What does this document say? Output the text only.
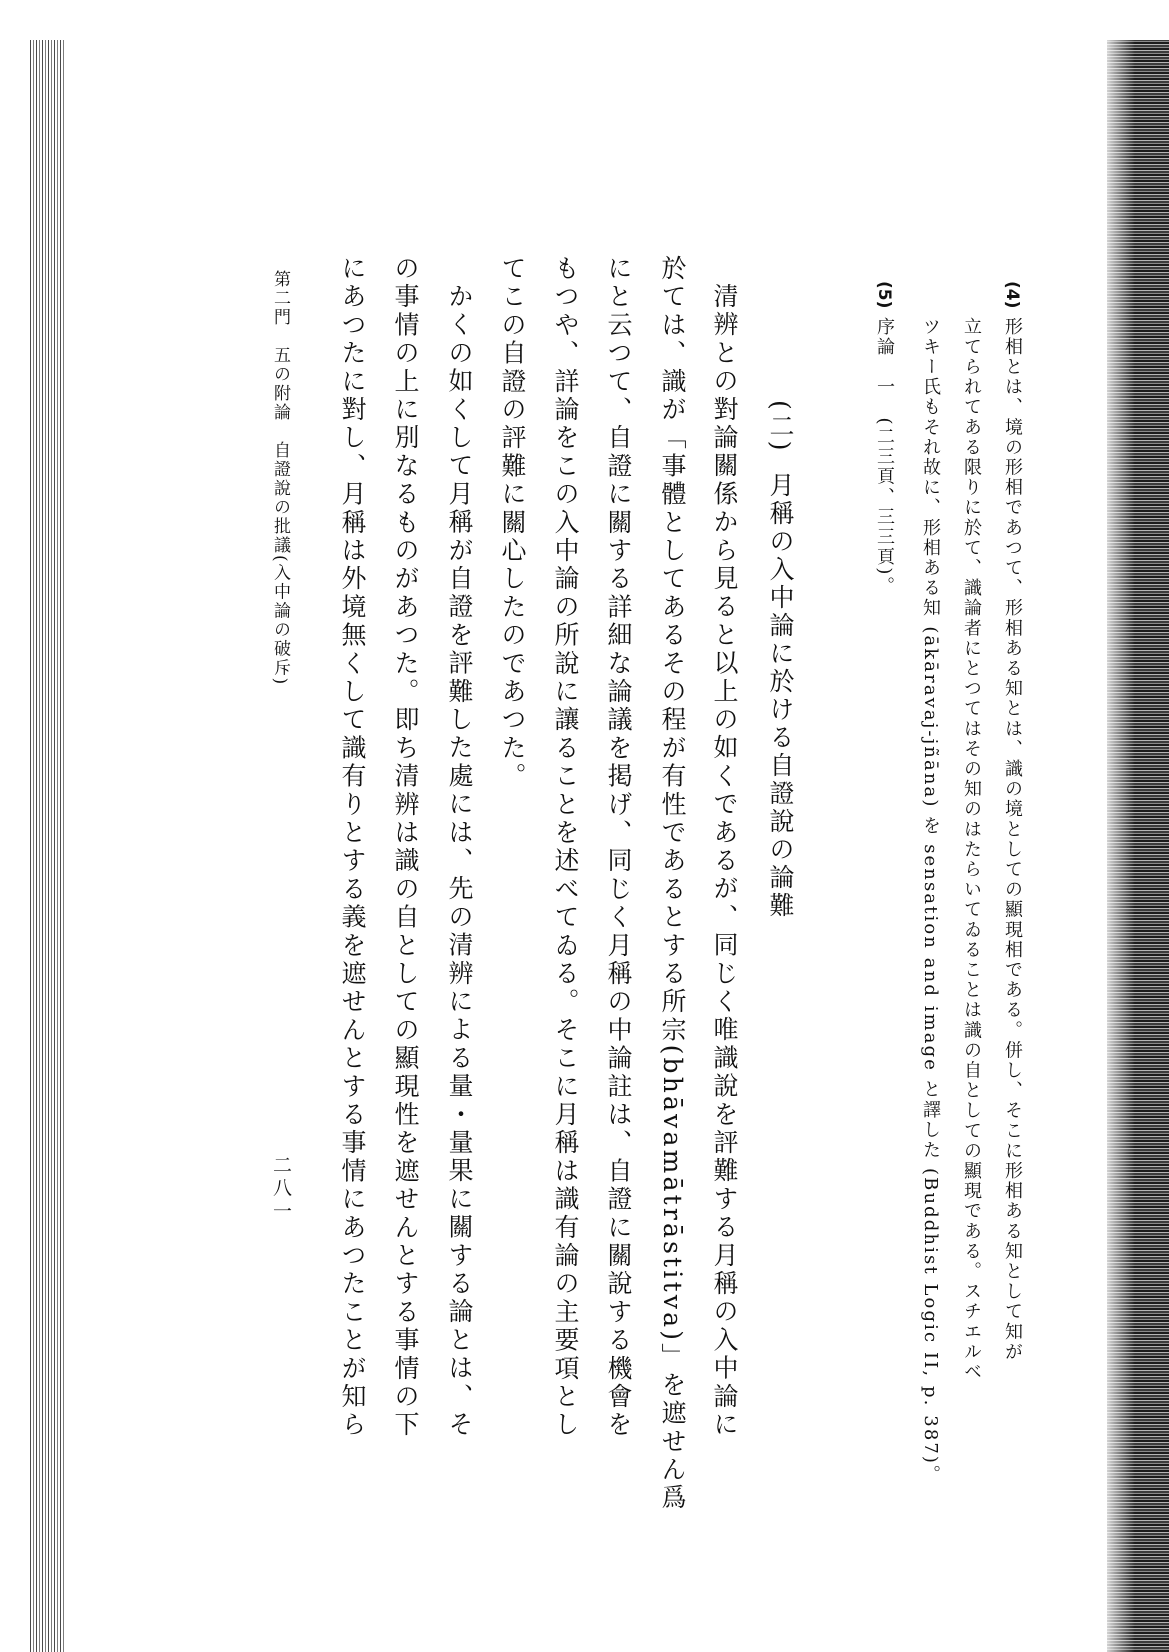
(4)
形相とは、境の形相であつて、形相ある知とは、識の境としての顯現相である。併し、そこに形相ある知として知が
立てられてある限りに於て、識論者にとつてはその知のはたらいてゐることは識の自としての顯現である。スチエルベ
ツキー氏もそれ故に、形相ある知 (ākāravaj-jñāna) を sensation and image と譯した (Buddhist Logic II, p. 387)。
(5)
序論　一　(二三頁、三三頁)。
(二)
月稱の入中論に於ける自證說の論難
清辨との對論關係から見ると以上の如くであるが、同じく唯識說を評難する月稱の入中論に
於ては、識が「事體としてあるその程が有性であるとする所宗(bhāvamātrāstitva)」を遮せん爲
にと云つて、自證に關する詳細な論議を掲げ、同じく月稱の中論註は、自證に關說する機會を
もつや、詳論をこの入中論の所說に讓ることを述べてゐる。そこに月稱は識有論の主要項とし
てこの自證の評難に關心したのであつた。
かくの如くして月稱が自證を評難した處には、先の清辨による量・量果に關する論とは、そ
の事情の上に別なるものがあつた。即ち清辨は識の自としての顯現性を遮せんとする事情の下
にあつたに對し、月稱は外境無くして識有りとする義を遮せんとする事情にあつたことが知ら
第二門　五の附論　自證說の批議(入中論の破斥)
二八一
